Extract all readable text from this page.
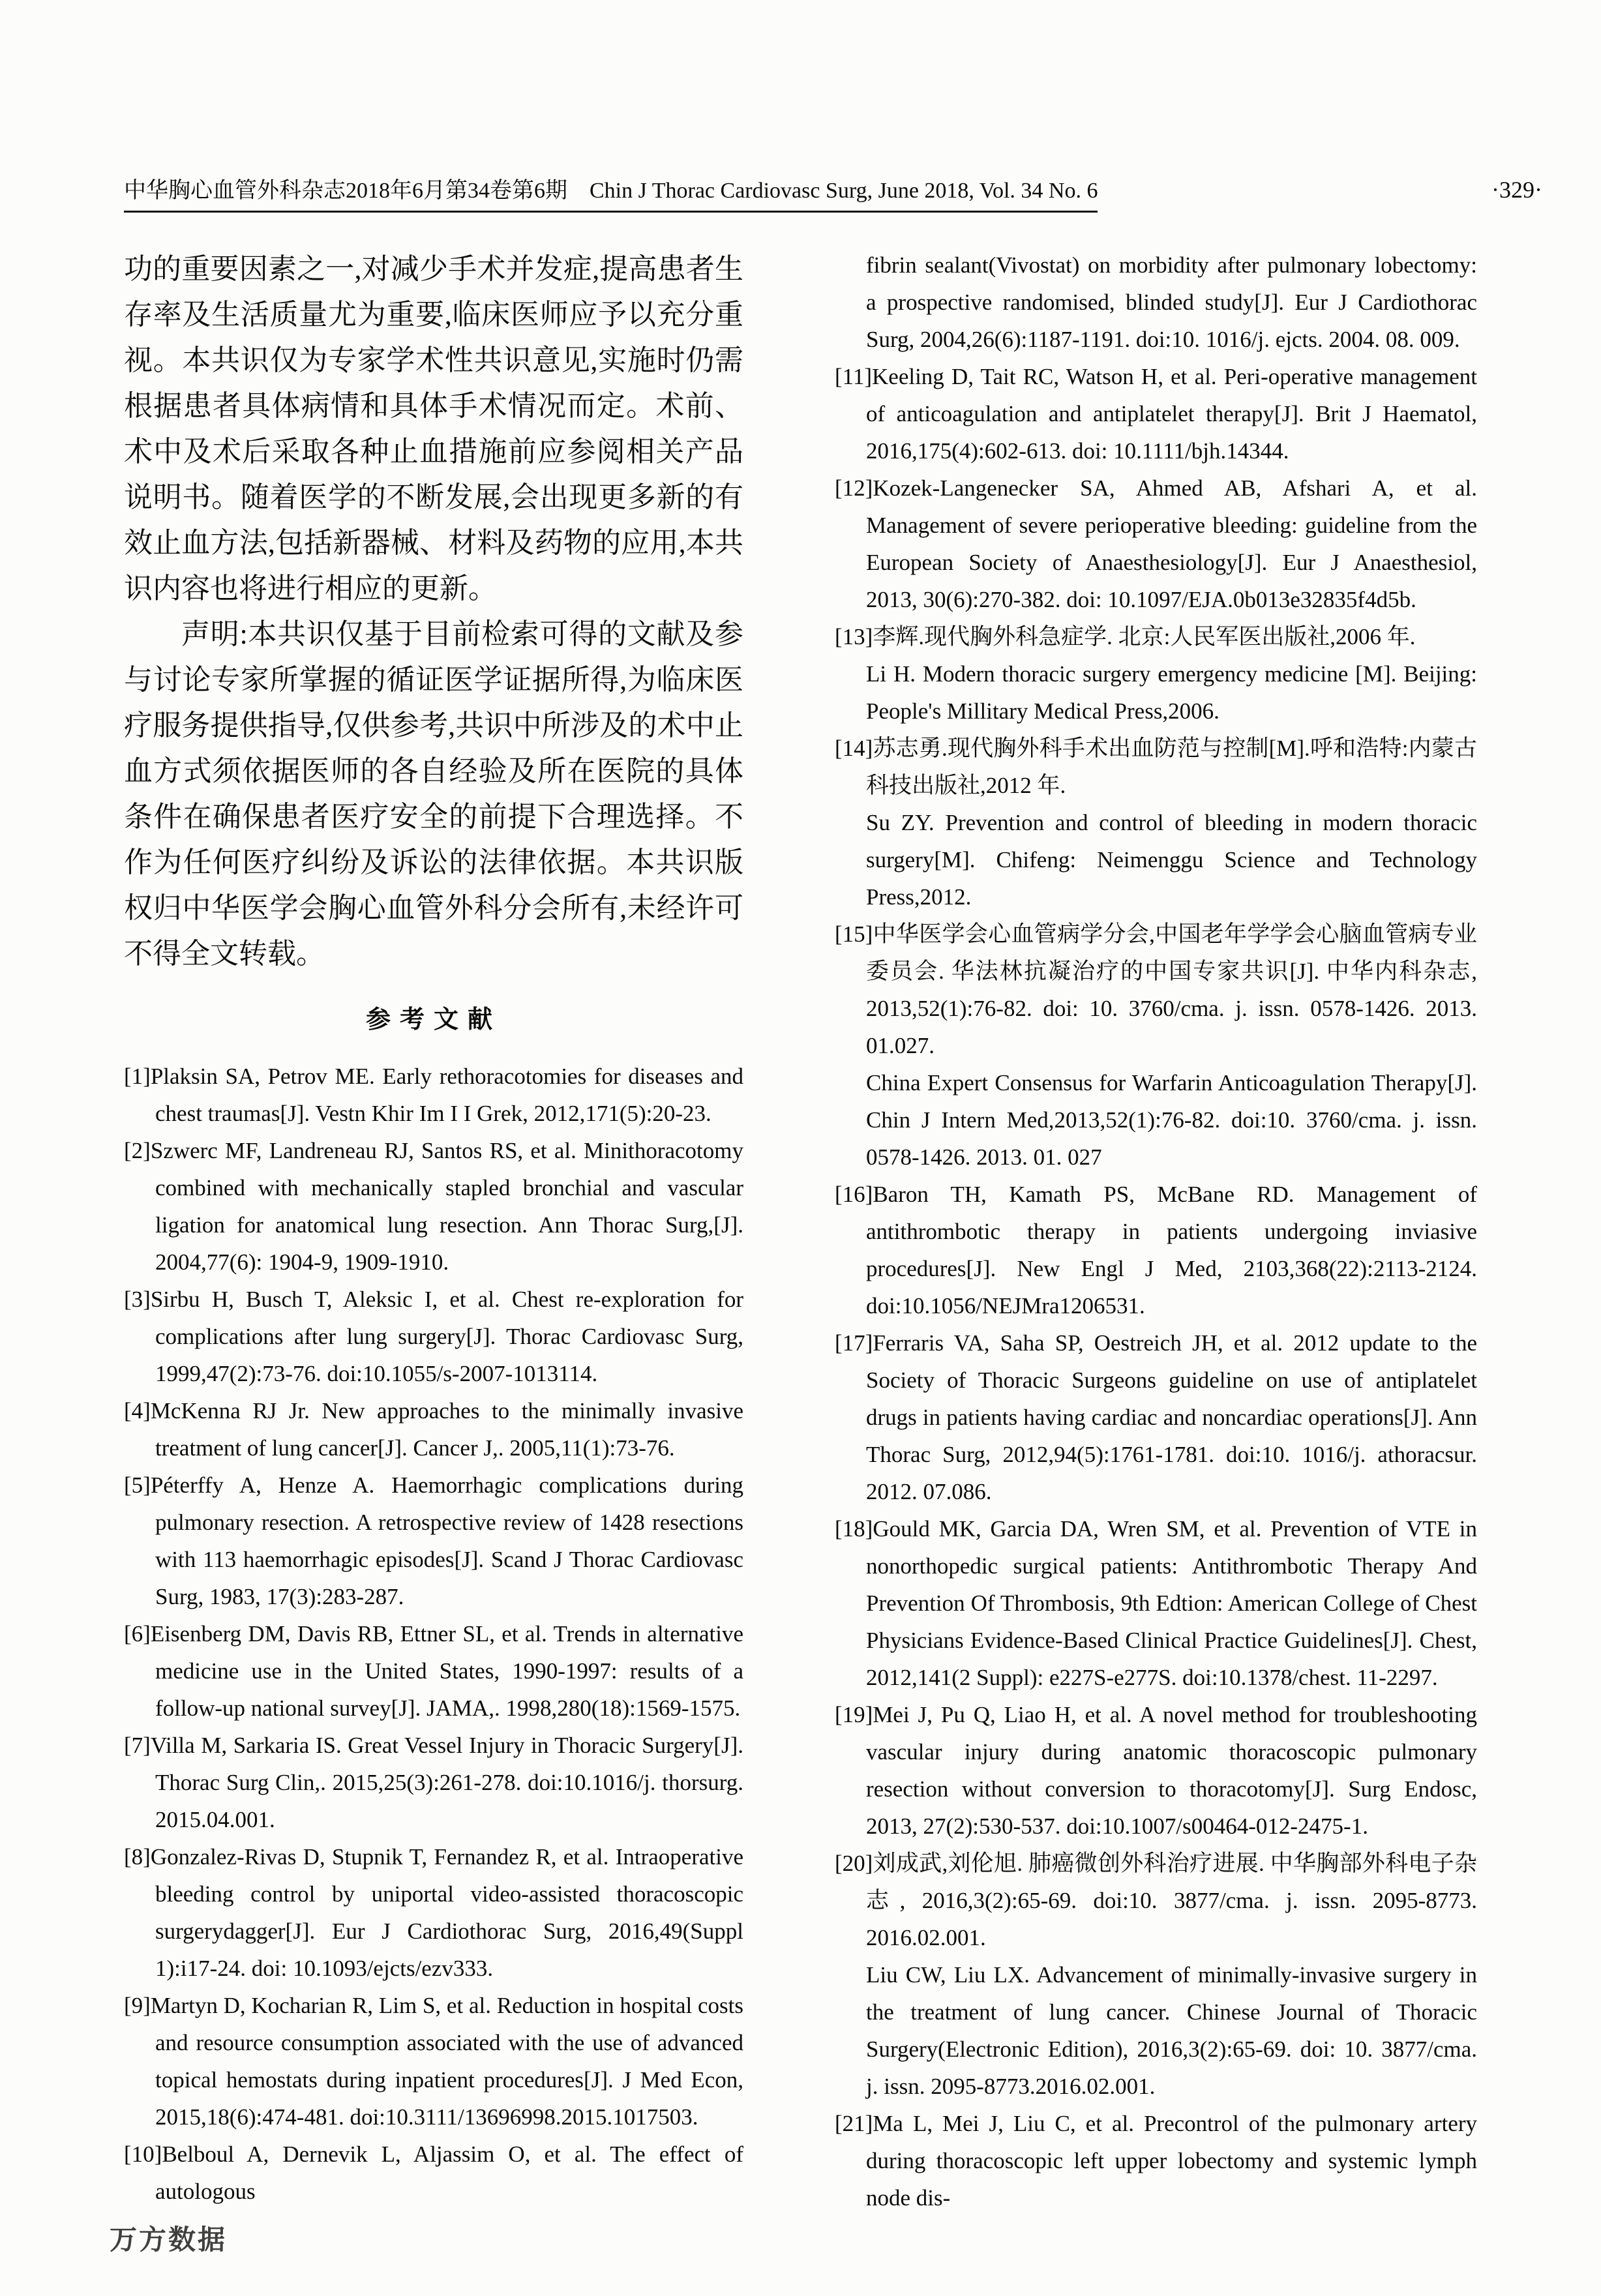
中华胸心血管外科杂志2018年6月第34卷第6期 Chin J Thorac Cardiovasc Surg, June 2018, Vol. 34 No. 6	·329·

功的重要因素之一,对减少手术并发症,提高患者生存率及生活质量尤为重要,临床医师应予以充分重视。本共识仅为专家学术性共识意见,实施时仍需根据患者具体病情和具体手术情况而定。术前、术中及术后采取各种止血措施前应参阅相关产品说明书。随着医学的不断发展,会出现更多新的有效止血方法,包括新器械、材料及药物的应用,本共识内容也将进行相应的更新。

声明:本共识仅基于目前检索可得的文献及参与讨论专家所掌握的循证医学证据所得,为临床医疗服务提供指导,仅供参考,共识中所涉及的术中止血方式须依据医师的各自经验及所在医院的具体条件在确保患者医疗安全的前提下合理选择。不作为任何医疗纠纷及诉讼的法律依据。本共识版权归中华医学会胸心血管外科分会所有,未经许可不得全文转载。

参考文献
[1]Plaksin SA, Petrov ME. Early rethoracotomies for diseases and chest traumas[J]. Vestn Khir Im I I Grek, 2012,171(5):20-23.
[2]Szwerc MF, Landreneau RJ, Santos RS, et al. Minithoracotomy combined with mechanically stapled bronchial and vascular ligation for anatomical lung resection. Ann Thorac Surg,[J]. 2004,77(6): 1904-9, 1909-1910.
[3]Sirbu H, Busch T, Aleksic I, et al. Chest re-exploration for complications after lung surgery[J]. Thorac Cardiovasc Surg, 1999,47(2):73-76. doi:10.1055/s-2007-1013114.
[4]McKenna RJ Jr. New approaches to the minimally invasive treatment of lung cancer[J]. Cancer J,. 2005,11(1):73-76.
[5]Péterffy A, Henze A. Haemorrhagic complications during pulmonary resection. A retrospective review of 1428 resections with 113 haemorrhagic episodes[J]. Scand J Thorac Cardiovasc Surg, 1983, 17(3):283-287.
[6]Eisenberg DM, Davis RB, Ettner SL, et al. Trends in alternative medicine use in the United States, 1990-1997: results of a follow-up national survey[J]. JAMA,. 1998,280(18):1569-1575.
[7]Villa M, Sarkaria IS. Great Vessel Injury in Thoracic Surgery[J]. Thorac Surg Clin,. 2015,25(3):261-278. doi:10.1016/j. thorsurg. 2015.04.001.
[8]Gonzalez-Rivas D, Stupnik T, Fernandez R, et al. Intraoperative bleeding control by uniportal video-assisted thoracoscopic surgerydagger[J]. Eur J Cardiothorac Surg, 2016,49(Suppl 1):i17-24. doi: 10.1093/ejcts/ezv333.
[9]Martyn D, Kocharian R, Lim S, et al. Reduction in hospital costs and resource consumption associated with the use of advanced topical hemostats during inpatient procedures[J]. J Med Econ, 2015,18(6):474-481. doi:10.3111/13696998.2015.1017503.
[10]Belboul A, Dernevik L, Aljassim O, et al. The effect of autologous
fibrin sealant(Vivostat) on morbidity after pulmonary lobectomy: a prospective randomised, blinded study[J]. Eur J Cardiothorac Surg, 2004,26(6):1187-1191. doi:10. 1016/j. ejcts. 2004. 08. 009.
[11]Keeling D, Tait RC, Watson H, et al. Peri-operative management of anticoagulation and antiplatelet therapy[J]. Brit J Haematol, 2016,175(4):602-613. doi: 10.1111/bjh.14344.
[12]Kozek-Langenecker SA, Ahmed AB, Afshari A, et al. Management of severe perioperative bleeding: guideline from the European Society of Anaesthesiology[J]. Eur J Anaesthesiol, 2013, 30(6):270-382. doi: 10.1097/EJA.0b013e32835f4d5b.
[13]李辉.现代胸外科急症学. 北京:人民军医出版社,2006 年.
Li H. Modern thoracic surgery emergency medicine [M]. Beijing: People's Millitary Medical Press,2006.
[14]苏志勇.现代胸外科手术出血防范与控制[M].呼和浩特:内蒙古科技出版社,2012 年.
Su ZY. Prevention and control of bleeding in modern thoracic surgery[M]. Chifeng: Neimenggu Science and Technology Press,2012.
[15]中华医学会心血管病学分会,中国老年学学会心脑血管病专业委员会. 华法林抗凝治疗的中国专家共识[J]. 中华内科杂志, 2013,52(1):76-82. doi: 10. 3760/cma. j. issn. 0578-1426. 2013. 01.027.
China Expert Consensus for Warfarin Anticoagulation Therapy[J]. Chin J Intern Med,2013,52(1):76-82. doi:10. 3760/cma. j. issn. 0578-1426. 2013. 01. 027
[16]Baron TH, Kamath PS, McBane RD. Management of antithrombotic therapy in patients undergoing inviasive procedures[J]. New Engl J Med, 2103,368(22):2113-2124. doi:10.1056/NEJMra1206531.
[17]Ferraris VA, Saha SP, Oestreich JH, et al. 2012 update to the Society of Thoracic Surgeons guideline on use of antiplatelet drugs in patients having cardiac and noncardiac operations[J]. Ann Thorac Surg, 2012,94(5):1761-1781. doi:10. 1016/j. athoracsur. 2012. 07.086.
[18]Gould MK, Garcia DA, Wren SM, et al. Prevention of VTE in nonorthopedic surgical patients: Antithrombotic Therapy And Prevention Of Thrombosis, 9th Edtion: American College of Chest Physicians Evidence-Based Clinical Practice Guidelines[J]. Chest, 2012,141(2 Suppl): e227S-e277S. doi:10.1378/chest. 11-2297.
[19]Mei J, Pu Q, Liao H, et al. A novel method for troubleshooting vascular injury during anatomic thoracoscopic pulmonary resection without conversion to thoracotomy[J]. Surg Endosc, 2013, 27(2):530-537. doi:10.1007/s00464-012-2475-1.
[20]刘成武,刘伦旭. 肺癌微创外科治疗进展. 中华胸部外科电子杂志, 2016,3(2):65-69. doi:10. 3877/cma. j. issn. 2095-8773. 2016.02.001.
Liu CW, Liu LX. Advancement of minimally-invasive surgery in the treatment of lung cancer. Chinese Journal of Thoracic Surgery(Electronic Edition), 2016,3(2):65-69. doi: 10. 3877/cma. j. issn. 2095-8773.2016.02.001.
[21]Ma L, Mei J, Liu C, et al. Precontrol of the pulmonary artery during thoracoscopic left upper lobectomy and systemic lymph node dis-
万方数据
